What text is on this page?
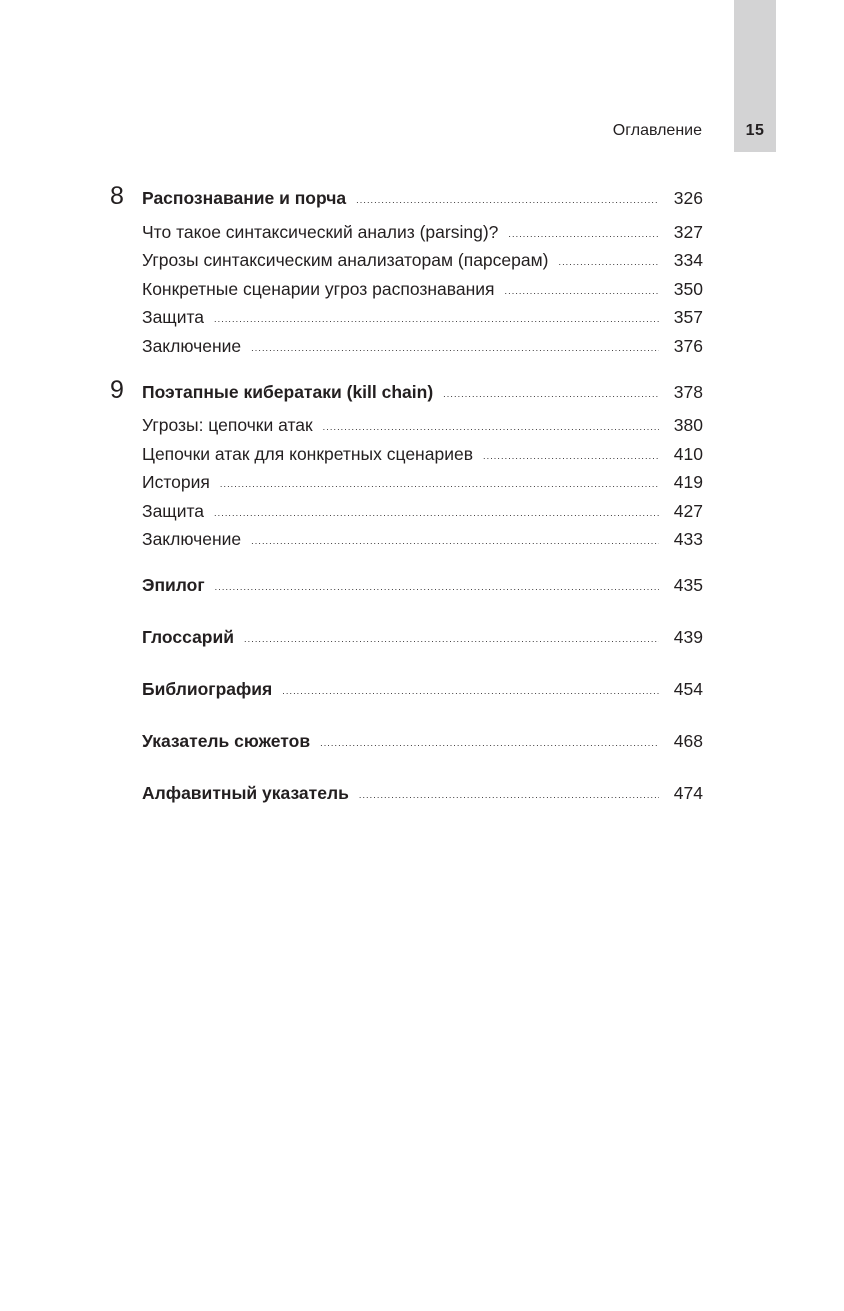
15
Оглавление
8 Распознавание и порча .....	326
Что такое синтаксический анализ (parsing)? .....	327
Угрозы синтаксическим анализаторам (парсерам) .....	334
Конкретные сценарии угроз распознавания .....	350
Защита .....	357
Заключение .....	376
9 Поэтапные кибератаки (kill chain) .....	378
Угрозы: цепочки атак .....	380
Цепочки атак для конкретных сценариев .....	410
История .....	419
Защита .....	427
Заключение .....	433
Эпилог .....	435
Глоссарий .....	439
Библиография .....	454
Указатель сюжетов .....	468
Алфавитный указатель .....	474
